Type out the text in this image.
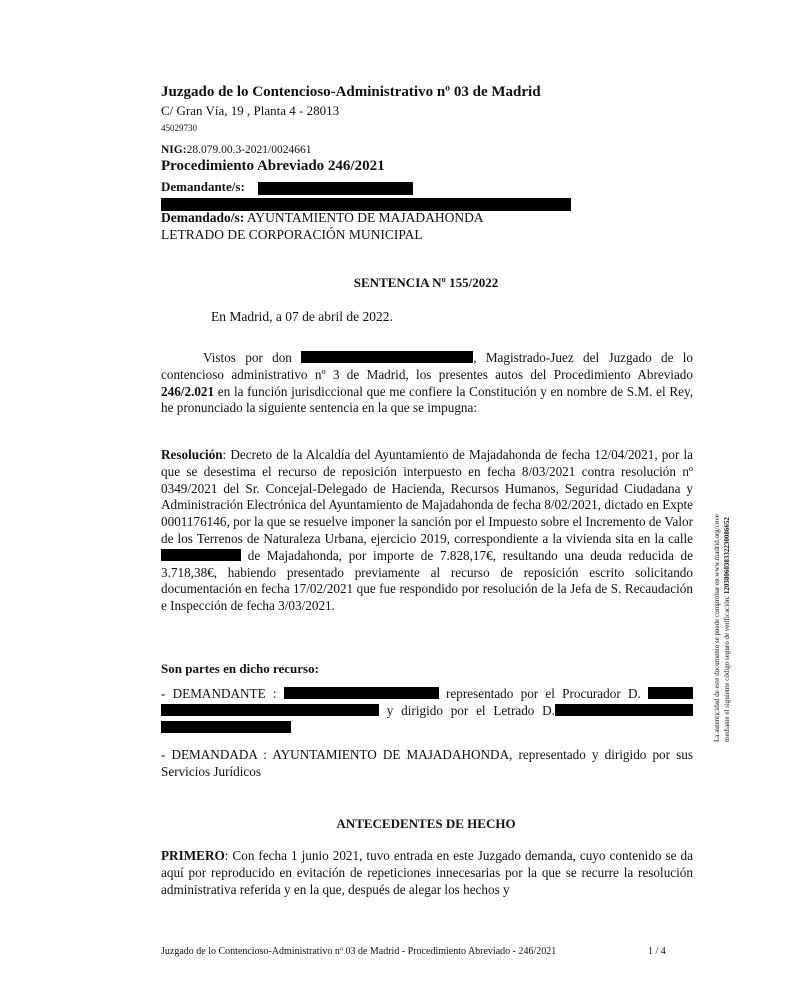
Juzgado de lo Contencioso-Administrativo nº 03 de Madrid
C/ Gran Vía, 19 , Planta 4 - 28013
45029730
NIG:28.079.00.3-2021/0024661
Procedimiento Abreviado 246/2021
Demandante/s:
Demandado/s: AYUNTAMIENTO DE MAJADAHONDA
LETRADO DE CORPORACIÓN MUNICIPAL
SENTENCIA Nº 155/2022
En Madrid, a 07 de abril de 2022.
Vistos por don	, Magistrado-Juez del Juzgado de lo contencioso administrativo nº 3 de Madrid, los presentes autos del Procedimiento Abreviado 246/2.021 en la función jurisdiccional que me confiere la Constitución y en nombre de S.M. el Rey, he pronunciado la siguiente sentencia en la que se impugna:
Resolución: Decreto de la Alcaldía del Ayuntamiento de Majadahonda de fecha 12/04/2021, por la que se desestima el recurso de reposición interpuesto en fecha 8/03/2021 contra resolución nº 0349/2021 del Sr. Concejal-Delegado de Hacienda, Recursos Humanos, Seguridad Ciudadana y Administración Electrónica del Ayuntamiento de Majadahonda de fecha 8/02/2021, dictado en Expte 0001176146, por la que se resuelve imponer la sanción por el Impuesto sobre el Incremento de Valor de los Terrenos de Naturaleza Urbana, ejercicio 2019, correspondiente a la vivienda sita en la calle de Majadahonda, por importe de 7.828,17€, resultando una deuda reducida de 3.718,38€, habiendo presentado previamente al recurso de reposición escrito solicitando documentación en fecha 17/02/2021 que fue respondido por resolución de la Jefa de S. Recaudación e Inspección de fecha 3/03/2021.
Son partes en dicho recurso:
- DEMANDANTE :	representado por el Procurador D.   y dirigido por el Letrado D.
- DEMANDADA : AYUNTAMIENTO DE MAJADAHONDA, representado y dirigido por sus Servicios Jurídicos
ANTECEDENTES DE HECHO
PRIMERO: Con fecha 1 junio 2021, tuvo entrada en este Juzgado demanda, cuyo contenido se da aquí por reproducido en evitación de repeticiones innecesarias por la que se recurre la resolución administrativa referida y en la que, después de alegar los hechos y
La autenticidad de este documento se puede comprobar en www.madrid.org/cove mediante el siguiente código seguro de verificación: 1203806038332230086652
Juzgado de lo Contencioso-Administrativo nº 03 de Madrid - Procedimiento Abreviado - 246/2021	1 / 4
